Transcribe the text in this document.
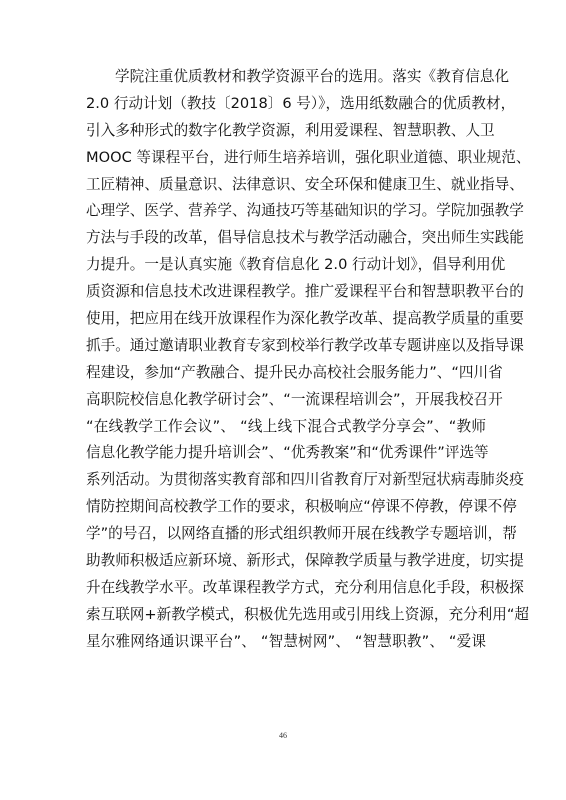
学院注重优质教材和教学资源平台的选用。落实《教育信息化
2.0 行动计划（教技〔2018〕6 号）》，选用纸数融合的优质教材，
引入多种形式的数字化教学资源，利用爱课程、智慧职教、人卫
MOOC 等课程平台，进行师生培养培训，强化职业道德、职业规范、
工匠精神、质量意识、法律意识、安全环保和健康卫生、就业指导、
心理学、医学、营养学、沟通技巧等基础知识的学习。学院加强教学
方法与手段的改革，倡导信息技术与教学活动融合，突出师生实践能
力提升。一是认真实施《教育信息化 2.0 行动计划》，倡导利用优
质资源和信息技术改进课程教学。推广爱课程平台和智慧职教平台的
使用，把应用在线开放课程作为深化教学改革、提高教学质量的重要
抓手。通过邀请职业教育专家到校举行教学改革专题讲座以及指导课
程建设，参加“产教融合、提升民办高校社会服务能力”、“四川省
高职院校信息化教学研讨会”、“一流课程培训会”，开展我校召开
“在线教学工作会议”、 “线上线下混合式教学分享会”、“教师
信息化教学能力提升培训会”、“优秀教案”和“优秀课件”评选等
系列活动。为贯彻落实教育部和四川省教育厅对新型冠状病毒肺炎疫
情防控期间高校教学工作的要求，积极响应“停课不停教，停课不停
学”的号召，以网络直播的形式组织教师开展在线教学专题培训，帮
助教师积极适应新环境、新形式，保障教学质量与教学进度，切实提
升在线教学水平。改革课程教学方式，充分利用信息化手段，积极探
索互联网+新教学模式，积极优先选用或引用线上资源，充分利用“超
星尔雅网络通识课平台”、 “智慧树网”、 “智慧职教”、 “爱课
46
